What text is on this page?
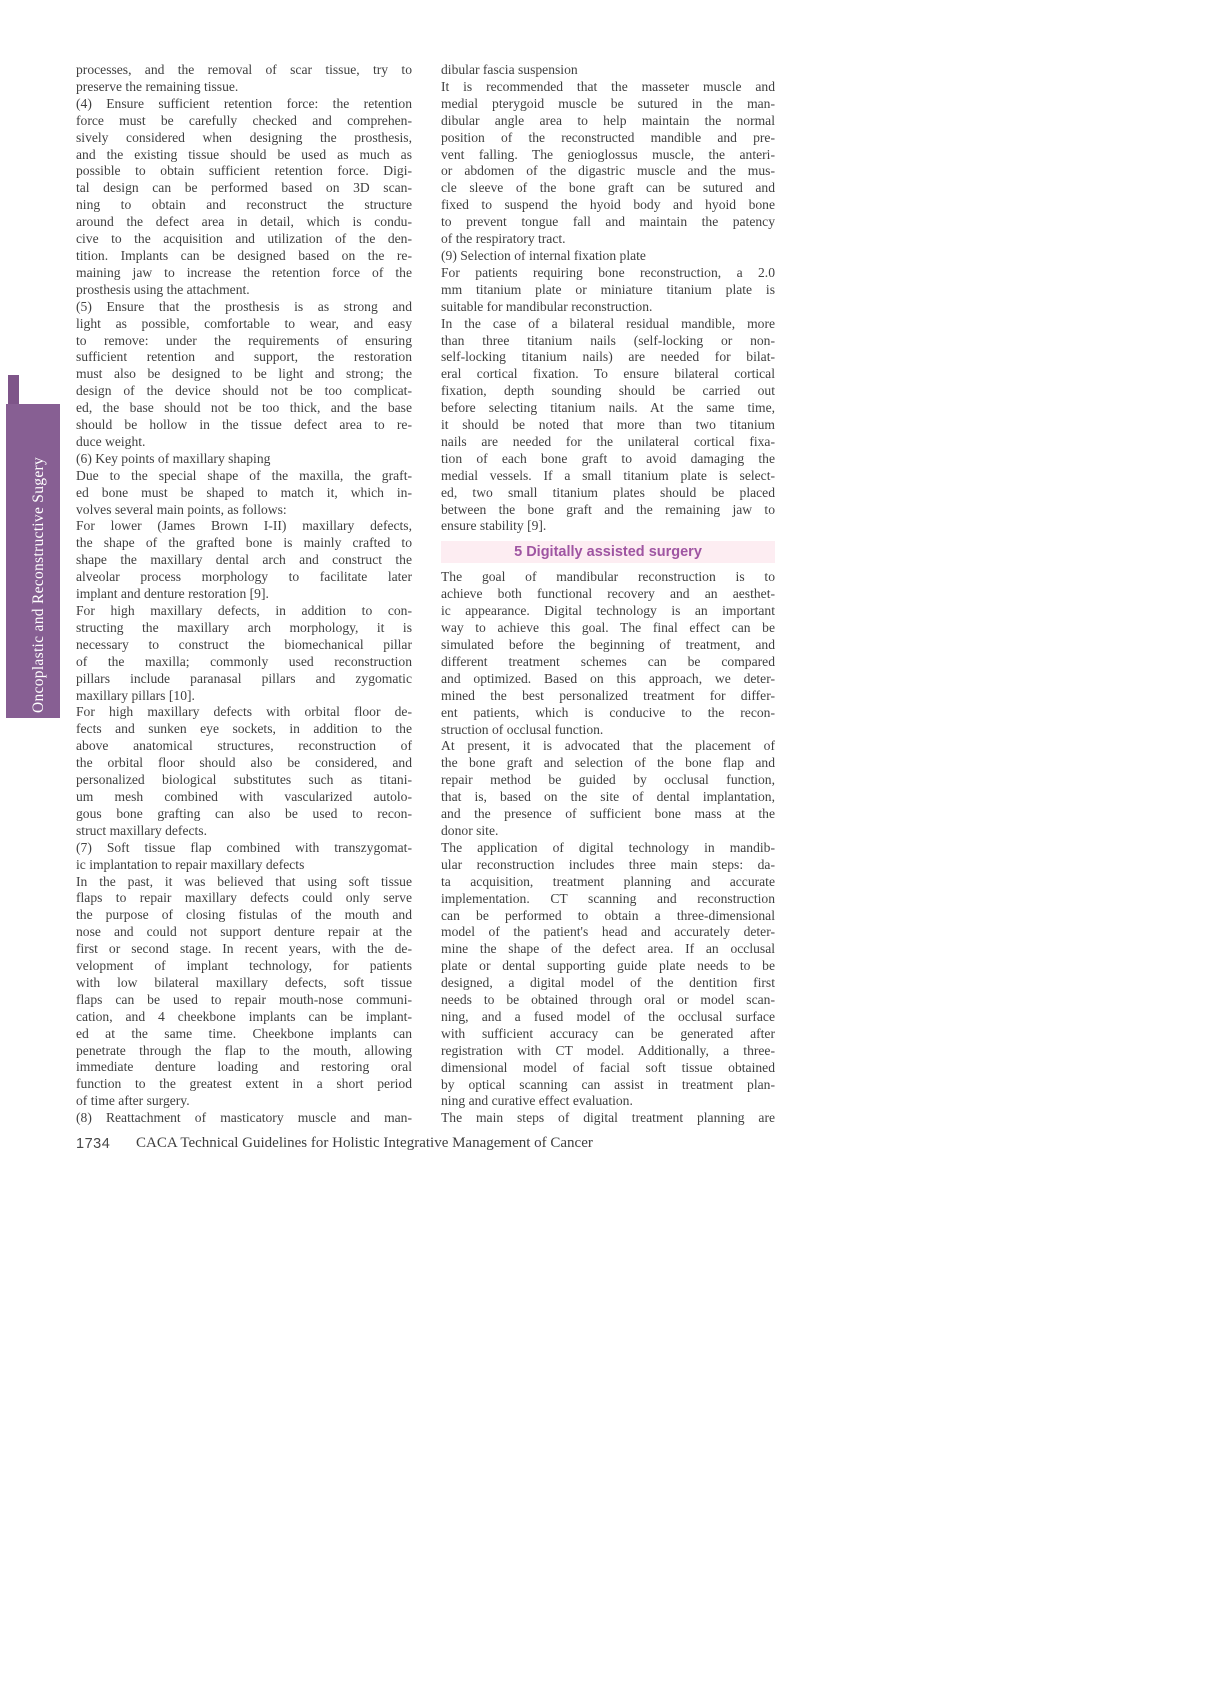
Oncoplastic and Reconstructive Sugery
processes, and the removal of scar tissue, try to
preserve the remaining tissue.
(4) Ensure sufficient retention force: the retention
force must be carefully checked and comprehen-
sively considered when designing the prosthesis,
and the existing tissue should be used as much as
possible to obtain sufficient retention force. Digi-
tal design can be performed based on 3D scan-
ning to obtain and reconstruct the structure
around the defect area in detail, which is condu-
cive to the acquisition and utilization of the den-
tition. Implants can be designed based on the re-
maining jaw to increase the retention force of the
prosthesis using the attachment.
(5) Ensure that the prosthesis is as strong and
light as possible, comfortable to wear, and easy
to remove: under the requirements of ensuring
sufficient retention and support, the restoration
must also be designed to be light and strong; the
design of the device should not be too complicat-
ed, the base should not be too thick, and the base
should be hollow in the tissue defect area to re-
duce weight.
(6) Key points of maxillary shaping
Due to the special shape of the maxilla, the graft-
ed bone must be shaped to match it, which in-
volves several main points, as follows:
For lower (James Brown I-II) maxillary defects,
the shape of the grafted bone is mainly crafted to
shape the maxillary dental arch and construct the
alveolar process morphology to facilitate later
implant and denture restoration [9].
For high maxillary defects, in addition to con-
structing the maxillary arch morphology, it is
necessary to construct the biomechanical pillar
of the maxilla; commonly used reconstruction
pillars include paranasal pillars and zygomatic
maxillary pillars [10].
For high maxillary defects with orbital floor de-
fects and sunken eye sockets, in addition to the
above anatomical structures, reconstruction of
the orbital floor should also be considered, and
personalized biological substitutes such as titani-
um mesh combined with vascularized autolo-
gous bone grafting can also be used to recon-
struct maxillary defects.
(7) Soft tissue flap combined with transzygomat-
ic implantation to repair maxillary defects
In the past, it was believed that using soft tissue
flaps to repair maxillary defects could only serve
the purpose of closing fistulas of the mouth and
nose and could not support denture repair at the
first or second stage. In recent years, with the de-
velopment of implant technology, for patients
with low bilateral maxillary defects, soft tissue
flaps can be used to repair mouth-nose communi-
cation, and 4 cheekbone implants can be implant-
ed at the same time. Cheekbone implants can
penetrate through the flap to the mouth, allowing
immediate denture loading and restoring oral
function to the greatest extent in a short period
of time after surgery.
(8) Reattachment of masticatory muscle and man-
dibular fascia suspension
It is recommended that the masseter muscle and
medial pterygoid muscle be sutured in the man-
dibular angle area to help maintain the normal
position of the reconstructed mandible and pre-
vent falling. The genioglossus muscle, the anteri-
or abdomen of the digastric muscle and the mus-
cle sleeve of the bone graft can be sutured and
fixed to suspend the hyoid body and hyoid bone
to prevent tongue fall and maintain the patency
of the respiratory tract.
(9) Selection of internal fixation plate
For patients requiring bone reconstruction, a 2.0
mm titanium plate or miniature titanium plate is
suitable for mandibular reconstruction.
In the case of a bilateral residual mandible, more
than three titanium nails (self-locking or non-
self-locking titanium nails) are needed for bilat-
eral cortical fixation. To ensure bilateral cortical
fixation, depth sounding should be carried out
before selecting titanium nails. At the same time,
it should be noted that more than two titanium
nails are needed for the unilateral cortical fixa-
tion of each bone graft to avoid damaging the
medial vessels. If a small titanium plate is select-
ed, two small titanium plates should be placed
between the bone graft and the remaining jaw to
ensure stability [9].
5 Digitally assisted surgery
The goal of mandibular reconstruction is to
achieve both functional recovery and an aesthet-
ic appearance. Digital technology is an important
way to achieve this goal. The final effect can be
simulated before the beginning of treatment, and
different treatment schemes can be compared
and optimized. Based on this approach, we deter-
mined the best personalized treatment for differ-
ent patients, which is conducive to the recon-
struction of occlusal function.
At present, it is advocated that the placement of
the bone graft and selection of the bone flap and
repair method be guided by occlusal function,
that is, based on the site of dental implantation,
and the presence of sufficient bone mass at the
donor site.
The application of digital technology in mandib-
ular reconstruction includes three main steps: da-
ta acquisition, treatment planning and accurate
implementation. CT scanning and reconstruction
can be performed to obtain a three-dimensional
model of the patient's head and accurately deter-
mine the shape of the defect area. If an occlusal
plate or dental supporting guide plate needs to be
designed, a digital model of the dentition first
needs to be obtained through oral or model scan-
ning, and a fused model of the occlusal surface
with sufficient accuracy can be generated after
registration with CT model. Additionally, a three-
dimensional model of facial soft tissue obtained
by optical scanning can assist in treatment plan-
ning and curative effect evaluation.
The main steps of digital treatment planning are
1734 CACA Technical Guidelines for Holistic Integrative Management of Cancer
